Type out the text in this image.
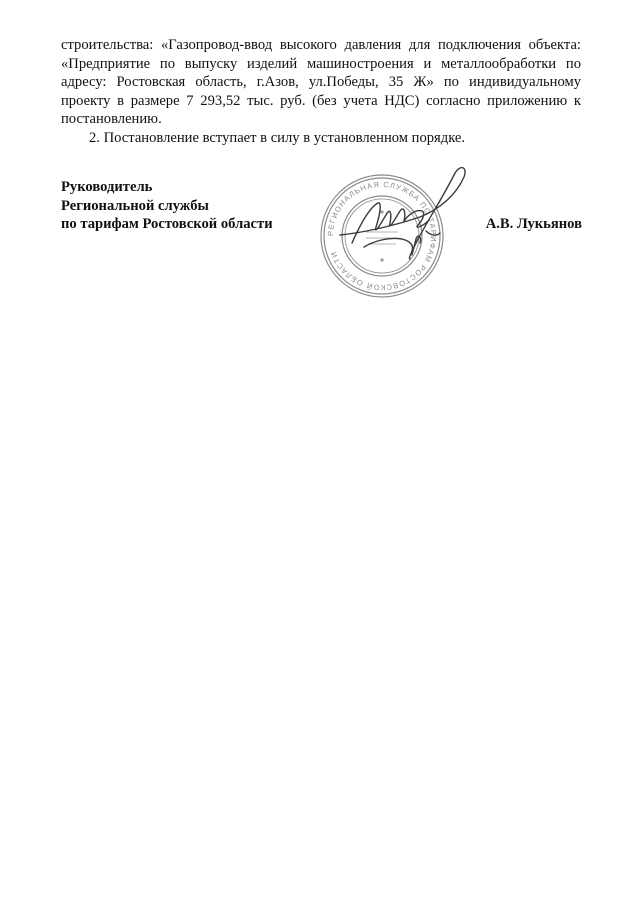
строительства: «Газопровод-ввод высокого давления для подключения объекта: «Предприятие по выпуску изделий машиностроения и металлообработки по адресу: Ростовская область, г.Азов, ул.Победы, 35 Ж» по индивидуальному проекту в размере 7 293,52 тыс. руб. (без учета НДС) согласно приложению к постановлению.

2. Постановление вступает в силу в установленном порядке.

Руководитель
Региональной службы
по тарифам Ростовской области	А.В. Лукьянов
РЕГИОНАЛЬНАЯ СЛУЖБА ПО ТАРИФАМ РОСТОВСКОЙ ОБЛАСТИ
